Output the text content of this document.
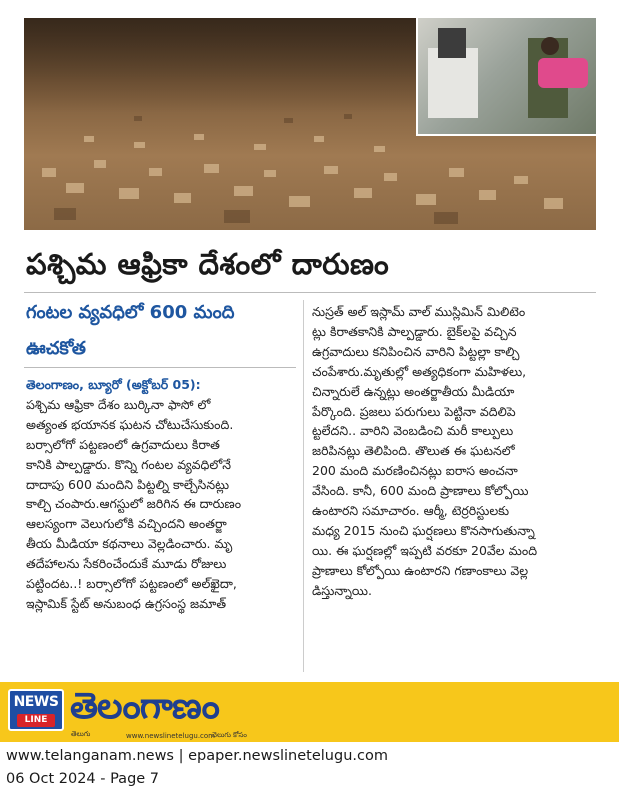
పశ్చిమ ఆఫ్రికా దేశంలో దారుణం
గంటల వ్యవధిలో 600 మంది
ఊచకోత
తెలంగాణం, బ్యూరో (అక్టోబర్ 05):
పశ్చిమ ఆఫ్రికా దేశం బుర్కినా ఫాసో లో
అత్యంత భయానక ఘటన చోటుచేసుకుంది.
బర్సాలోగో పట్టణంలో ఉగ్రవాదులు కిరాత
కానికి పాల్పడ్డారు. కొన్ని గంటల వ్యవధిలోనే
దాదాపు 600 మందిని పిట్టల్ని కాల్చేసినట్లు
కాల్చి చంపారు.ఆగస్టులో జరిగిన ఈ దారుణం
ఆలస్యంగా వెలుగులోకి వచ్చిందని అంతర్జా
తీయ మీడియా కథనాలు వెల్లడించారు. మృ
తదేహాలను సేకరించేందుకే మూడు రోజులు
పట్టిందట..! బర్సాలోగో పట్టణంలో అల్‌ఖైదా,
ఇస్లామిక్ స్టేట్ అనుబంధ ఉగ్రసంస్థ జమాత్
నుస్రత్ అల్ ఇస్లామ్ వాల్ ముస్లిమిన్ మిలిటెం
ట్లు కిరాతకానికి పాల్పడ్డారు. బైక్‌లపై వచ్చిన
ఉగ్రవాదులు కనిపించిన వారిని పిట్టల్లా కాల్చి
చంపేశారు.మృతుల్లో అత్యధికంగా మహిళలు,
చిన్నారులే ఉన్నట్లు అంతర్జాతీయ మీడియా
పేర్కొంది. ప్రజలు పరుగులు పెట్టినా వదిలిపె
ట్టలేదని.. వారిని వెంబడించి మరీ కాల్పులు
జరిపినట్లు తెలిపింది. తొలుత ఈ ఘటనలో
200 మంది మరణించినట్లు ఐరాస అంచనా
వేసింది. కానీ, 600 మంది ప్రాణాలు కోల్పోయి
ఉంటారని సమాచారం. ఆర్మీ, టెర్రరిస్టులకు
మధ్య 2015 నుంచి ఘర్షణలు కొనసాగుతున్నా
యి. ఈ ఘర్షణల్లో ఇప్పటి వరకూ 20వేల మంది
ప్రాణాలు కోల్పోయి ఉంటారని గణాంకాలు వెల్ల
డిస్తున్నాయి.
NEWS
LINE తెలంగాణం
తెలుగు	www.newslinetelugu.com
వెలుగు కోసం
www.telanganam.news | epaper.newslinetelugu.com
06 Oct 2024 - Page 7
